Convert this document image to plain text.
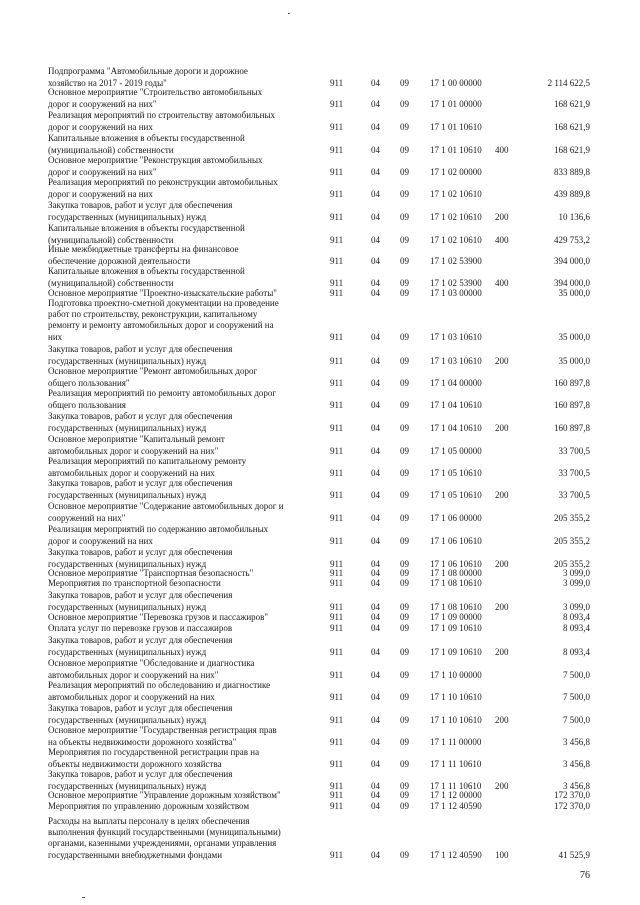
Подпрограмма "Автомобильные дороги и дорожное
хозяйство на 2017 - 2019 годы"	911	04 09 17 1 00 00000	2 114 622,5
Основное мероприятие "Строительство автомобильных
дорог и сооружений на них"	911	04 09 17 1 01 00000	168 621,9
Реализация мероприятий по строительству автомобильных
дорог и сооружений на них	911	04 09 17 1 01 10610	168 621,9
Капитальные вложения в объекты государственной
(муниципальной) собственности	911	04 09 17 1 01 10610 400	168 621,9
Основное мероприятие "Реконструкция автомобильных
дорог и сооружений на них"	911	04 09 17 1 02 00000	833 889,8
Реализация мероприятий по реконструкции автомобильных
дорог и сооружений на них	911	04 09 17 1 02 10610	439 889,8
Закупка товаров, работ и услуг для обеспечения
государственных (муниципальных) нужд	911	04 09 17 1 02 10610 200	10 136,6
Капитальные вложения в объекты государственной
(муниципальной) собственности	911	04 09 17 1 02 10610 400	429 753,2
Иные межбюджетные трансферты на финансовое
обеспечение дорожной деятельности	911	04 09 17 1 02 53900	394 000,0
Капитальные вложения в объекты государственной
(муниципальной) собственности	911	04 09 17 1 02 53900 400	394 000,0
Основное мероприятие "Проектно-изыскательские работы"	911	04 09 17 1 03 00000	35 000,0
Подготовка проектно-сметной документации на проведение
работ по строительству, реконструкции, капитальному
ремонту и ремонту автомобильных дорог и сооружений на
них	911	04 09 17 1 03 10610	35 000,0
Закупка товаров, работ и услуг для обеспечения
государственных (муниципальных) нужд	911	04 09 17 1 03 10610 200	35 000,0
Основное мероприятие "Ремонт автомобильных дорог
общего пользования"	911	04 09 17 1 04 00000	160 897,8
Реализация мероприятий по ремонту автомобильных дорог
общего пользования	911	04 09 17 1 04 10610	160 897,8
Закупка товаров, работ и услуг для обеспечения
государственных (муниципальных) нужд	911	04 09 17 1 04 10610 200	160 897,8
Основное мероприятие "Капитальный ремонт
автомобильных дорог и сооружений на них"	911	04 09 17 1 05 00000	33 700,5
Реализация мероприятий по капитальному ремонту
автомобильных дорог и сооружений на них	911	04 09 17 1 05 10610	33 700,5
Закупка товаров, работ и услуг для обеспечения
государственных (муниципальных) нужд	911	04 09 17 1 05 10610 200	33 700,5
Основное мероприятие "Содержание автомобильных дорог и
сооружений на них"	911	04 09 17 1 06 00000	205 355,2
Реализация мероприятий по содержанию автомобильных
дорог и сооружений на них	911	04 09 17 1 06 10610	205 355,2
Закупка товаров, работ и услуг для обеспечения
государственных (муниципальных) нужд	911	04 09 17 1 06 10610 200	205 355,2
Основное мероприятие "Транспортная безопасность"	911	04 09 17 1 08 00000	3 099,0
Мероприятия по транспортной безопасности	911	04 09 17 1 08 10610	3 099,0
Закупка товаров, работ и услуг для обеспечения
государственных (муниципальных) нужд	911	04 09 17 1 08 10610 200	3 099,0
Основное мероприятие "Перевозка грузов и пассажиров"	911	04 09 17 1 09 00000	8 093,4
Оплата услуг по перевозке грузов и пассажиров	911	04 09 17 1 09 10610	8 093,4
Закупка товаров, работ и услуг для обеспечения
государственных (муниципальных) нужд	911	04 09 17 1 09 10610 200	8 093,4
Основное мероприятие "Обследование и диагностика
автомобильных дорог и сооружений на них"	911	04 09 17 1 10 00000	7 500,0
Реализация мероприятий по обследованию и диагностике
автомобильных дорог и сооружений на них	911	04 09 17 1 10 10610	7 500,0
Закупка товаров, работ и услуг для обеспечения
государственных (муниципальных) нужд	911	04 09 17 1 10 10610 200	7 500,0
Основное мероприятие "Государственная регистрация прав
на объекты недвижимости дорожного хозяйства"	911	04 09 17 1 11 00000	3 456,8
Мероприятия по государственной регистрации прав на
объекты недвижимости дорожного хозяйства	911	04 09 17 1 11 10610	3 456,8
Закупка товаров, работ и услуг для обеспечения
государственных (муниципальных) нужд	911	04 09 17 1 11 10610 200	3 456,8
Основное мероприятие "Управление дорожным хозяйством"	911	04 09 17 1 12 00000	172 370,0
Мероприятия по управлению дорожным хозяйством	911	04 09 17 1 12 40590	172 370,0
Расходы на выплаты персоналу в целях обеспечения
выполнения функций государственными (муниципальными)
органами, казенными учреждениями, органами управления
государственными внебюджетными фондами	911	04 09 17 1 12 40590 100	41 525,9
76
